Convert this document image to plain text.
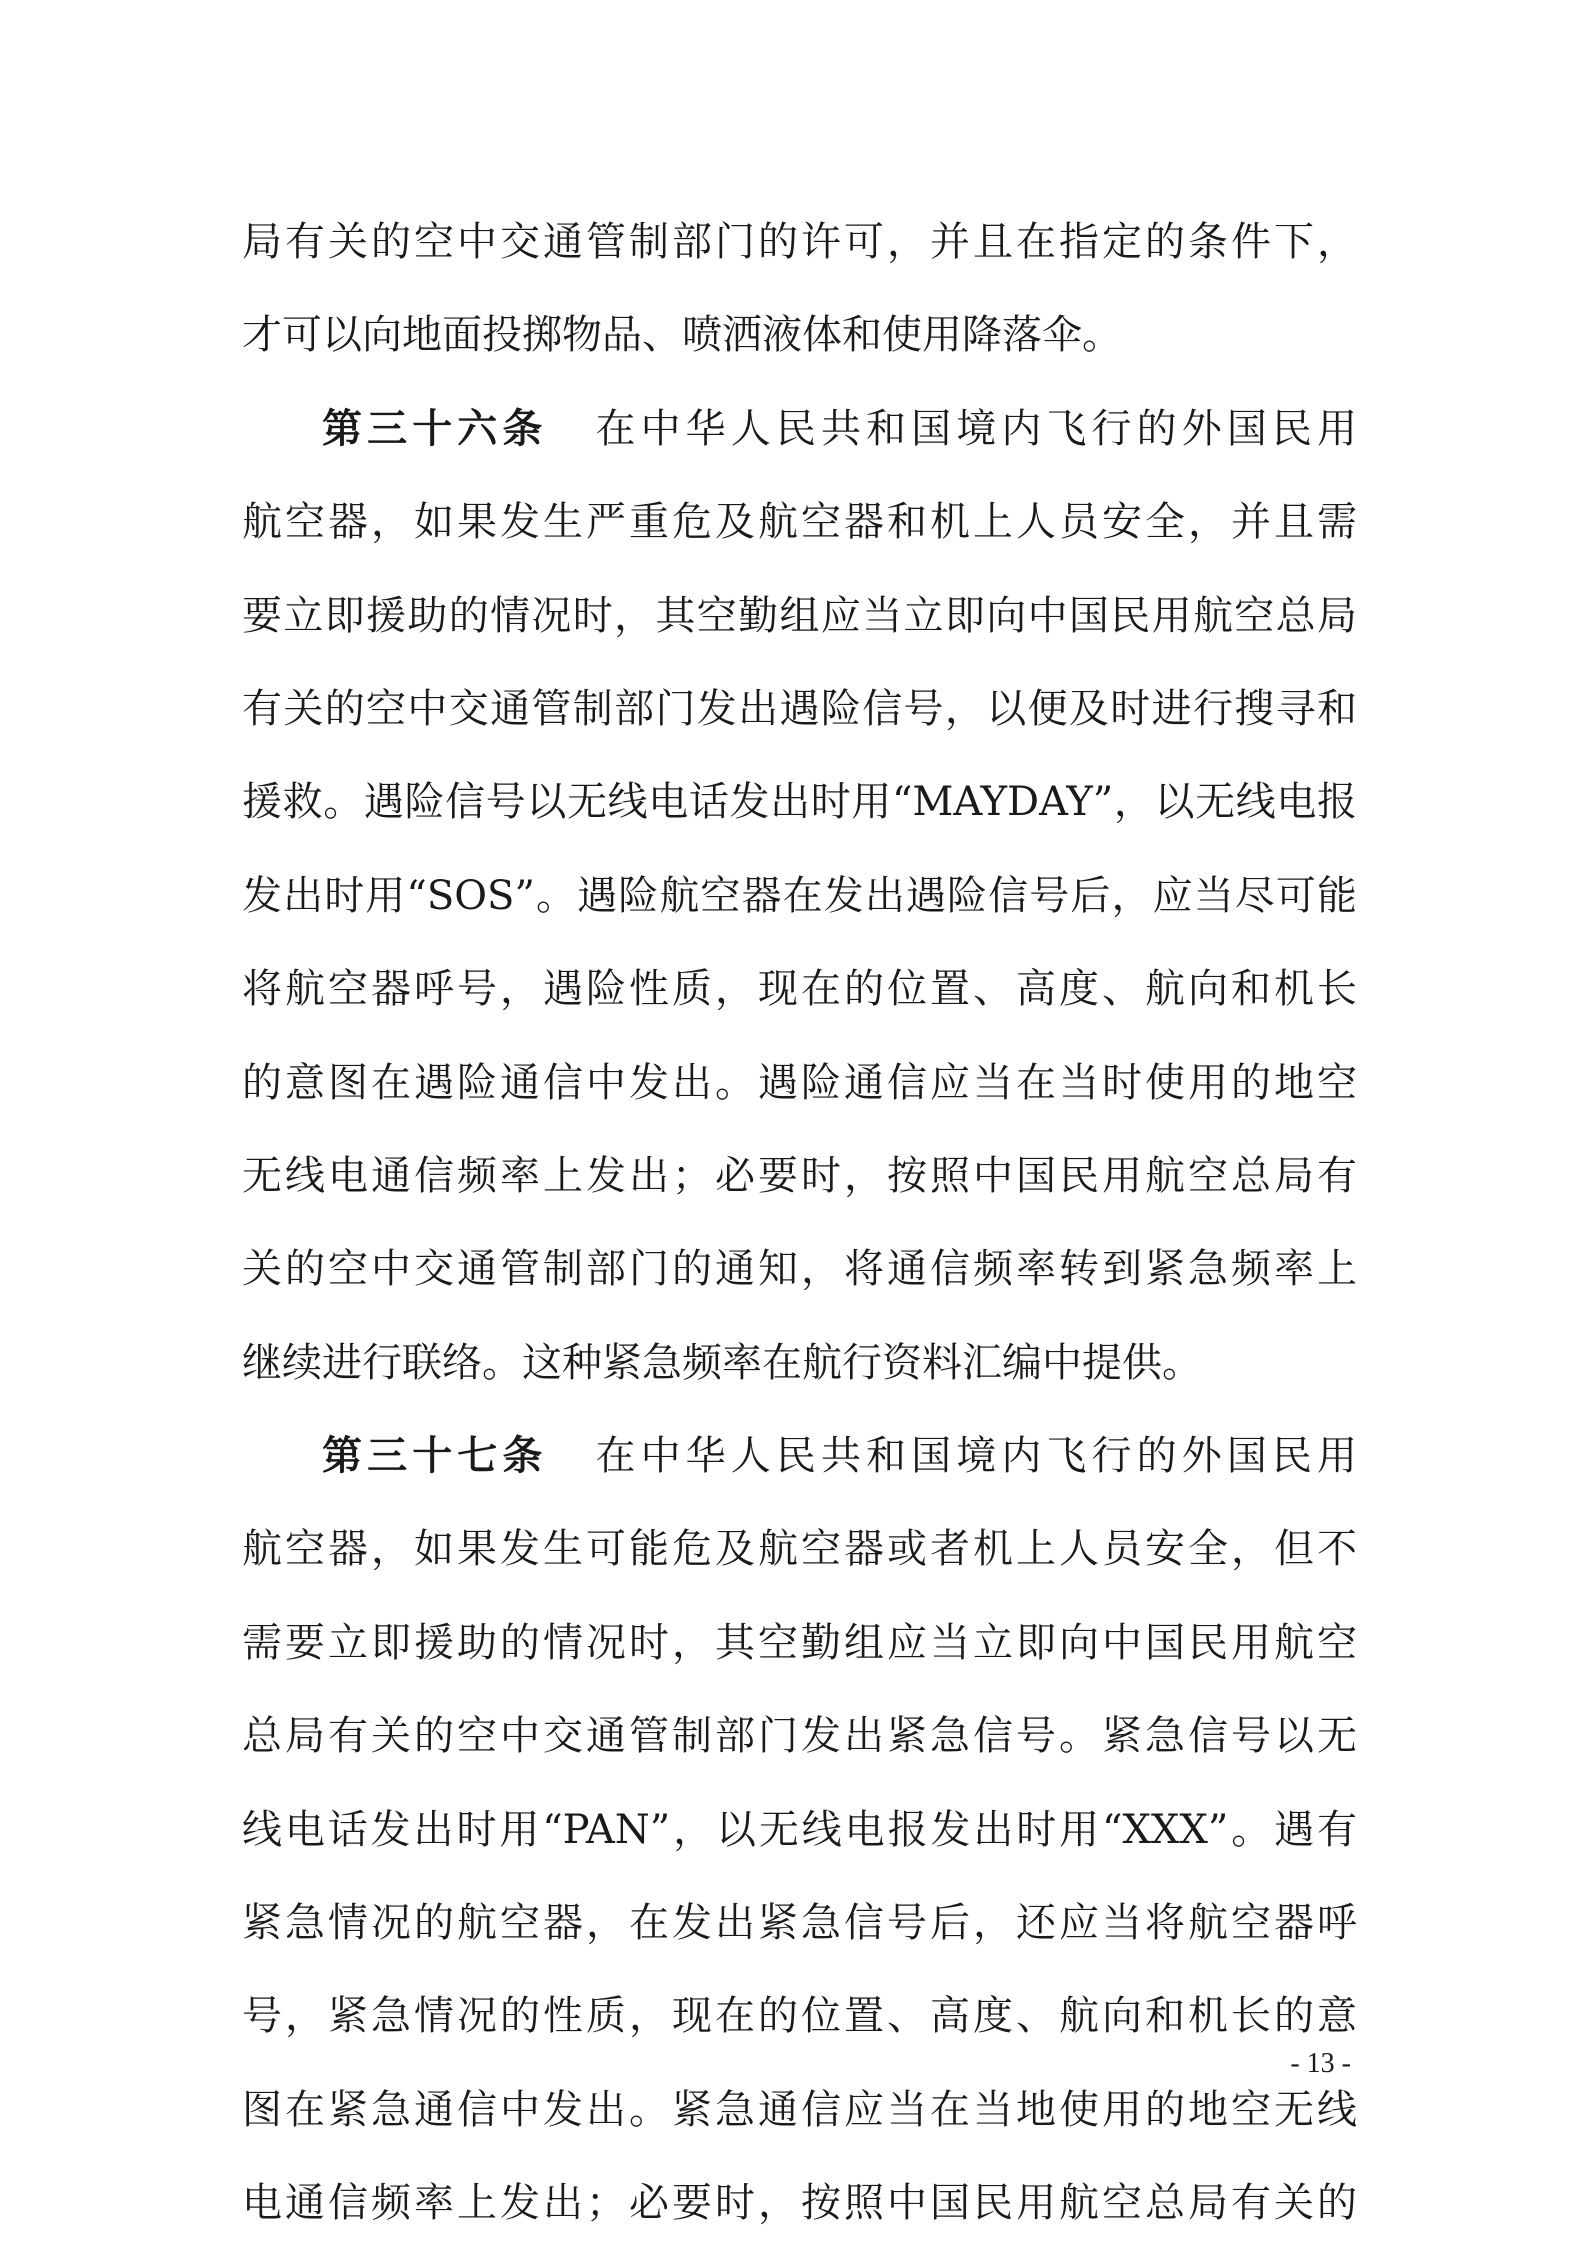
局有关的空中交通管制部门的许可，并且在指定的条件下，
才可以向地面投掷物品、喷洒液体和使用降落伞。
第三十六条 在中华人民共和国境内飞行的外国民用
航空器，如果发生严重危及航空器和机上人员安全，并且需
要立即援助的情况时，其空勤组应当立即向中国民用航空总局
有关的空中交通管制部门发出遇险信号，以便及时进行搜寻和
援救。遇险信号以无线电话发出时用“MAYDAY”，以无线电报
发出时用“SOS”。遇险航空器在发出遇险信号后，应当尽可能
将航空器呼号，遇险性质，现在的位置、高度、航向和机长
的意图在遇险通信中发出。遇险通信应当在当时使用的地空
无线电通信频率上发出；必要时，按照中国民用航空总局有
关的空中交通管制部门的通知，将通信频率转到紧急频率上
继续进行联络。这种紧急频率在航行资料汇编中提供。
第三十七条 在中华人民共和国境内飞行的外国民用
航空器，如果发生可能危及航空器或者机上人员安全，但不
需要立即援助的情况时，其空勤组应当立即向中国民用航空
总局有关的空中交通管制部门发出紧急信号。紧急信号以无
线电话发出时用“PAN”，以无线电报发出时用“XXX”。遇有
紧急情况的航空器，在发出紧急信号后，还应当将航空器呼
号，紧急情况的性质，现在的位置、高度、航向和机长的意
图在紧急通信中发出。紧急通信应当在当地使用的地空无线
电通信频率上发出；必要时，按照中国民用航空总局有关的
- 13 -
